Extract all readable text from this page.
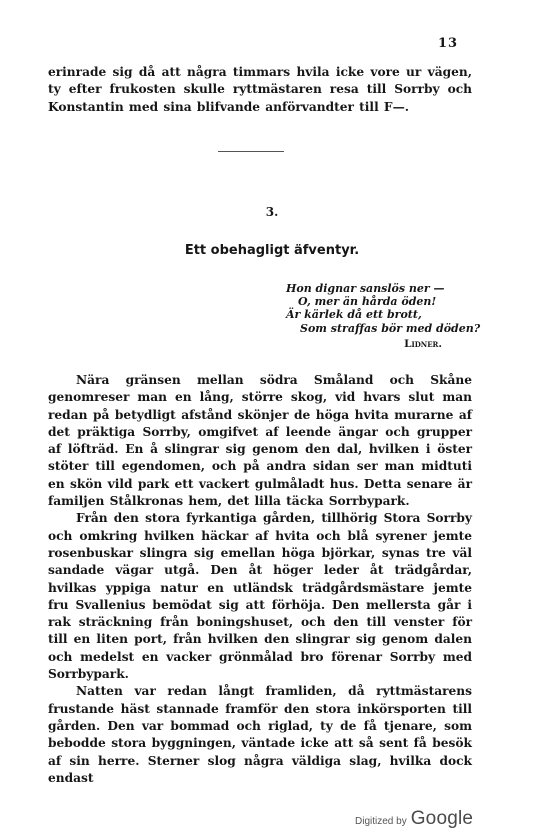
13

erinrade sig då att några timmars hvila icke vore ur vägen, ty efter frukosten skulle ryttmästaren resa till Sorrby och Konstantin med sina blifvande anförvandter till F—.

3.
Ett obehagligt äfventyr.
Hon dignar sanslös ner —
O, mer än hårda öden!
Är kärlek då ett brott,
Som straffas bör med döden?
Lidner.

Nära gränsen mellan södra Småland och Skåne genomreser man en lång, större skog, vid hvars slut man redan på betydligt afstånd skönjer de höga hvita murarne af det präktiga Sorrby, omgifvet af leende ängar och grupper af löfträd. En å slingrar sig genom den dal, hvilken i öster stöter till egendomen, och på andra sidan ser man midtuti en skön vild park ett vackert gulmåladt hus. Detta senare är familjen Stålkronas hem, det lilla täcka Sorrbypark.

Från den stora fyrkantiga gården, tillhörig Stora Sorrby och omkring hvilken häckar af hvita och blå syrener jemte rosenbuskar slingra sig emellan höga björkar, synas tre väl sandade vägar utgå. Den åt höger leder åt trädgårdar, hvilkas yppiga natur en utländsk trädgårdsmästare jemte fru Svallenius bemödat sig att förhöja. Den mellersta går i rak sträckning från boningshuset, och den till venster för till en liten port, från hvilken den slingrar sig genom dalen och medelst en vacker grönmålad bro förenar Sorrby med Sorrbypark.

Natten var redan långt framliden, då ryttmästarens frustande häst stannade framför den stora inkörsporten till gården. Den var bommad och riglad, ty de få tjenare, som bebodde stora byggningen, väntade icke att så sent få besök af sin herre. Sterner slog några väldiga slag, hvilka dock endast

Digitized by Google
